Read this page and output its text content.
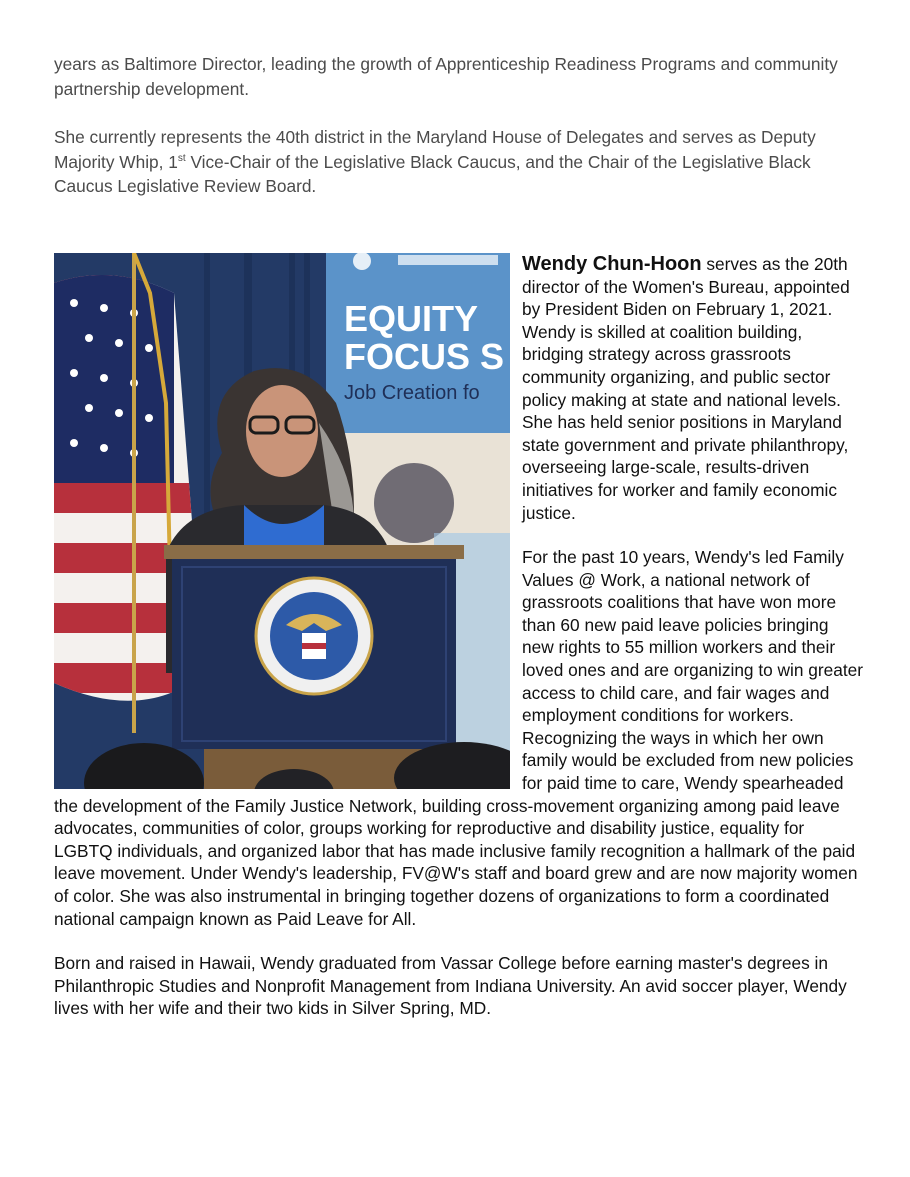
years as Baltimore Director, leading the growth of Apprenticeship Readiness Programs and community partnership development.

She currently represents the 40th district in the Maryland House of Delegates and serves as Deputy Majority Whip, 1st Vice-Chair of the Legislative Black Caucus, and the Chair of the Legislative Black Caucus Legislative Review Board.

EQUITY
FOCUS S
Job Creation fo

Wendy Chun-Hoon serves as the 20th director of the Women's Bureau, appointed by President Biden on February 1, 2021. Wendy is skilled at coalition building, bridging strategy across grassroots community organizing, and public sector policy making at state and national levels. She has held senior positions in Maryland state government and private philanthropy, overseeing large-scale, results-driven initiatives for worker and family economic justice.

For the past 10 years, Wendy's led Family Values @ Work, a national network of grassroots coalitions that have won more than 60 new paid leave policies bringing new rights to 55 million workers and their loved ones and are organizing to win greater access to child care, and fair wages and employment conditions for workers. Recognizing the ways in which her own family would be excluded from new policies for paid time to care, Wendy spearheaded the development of the Family Justice Network, building cross-movement organizing among paid leave advocates, communities of color, groups working for reproductive and disability justice, equality for LGBTQ individuals, and organized labor that has made inclusive family recognition a hallmark of the paid leave movement. Under Wendy's leadership, FV@W's staff and board grew and are now majority women of color. She was also instrumental in bringing together dozens of organizations to form a coordinated national campaign known as Paid Leave for All.

Born and raised in Hawaii, Wendy graduated from Vassar College before earning master's degrees in Philanthropic Studies and Nonprofit Management from Indiana University. An avid soccer player, Wendy lives with her wife and their two kids in Silver Spring, MD.
